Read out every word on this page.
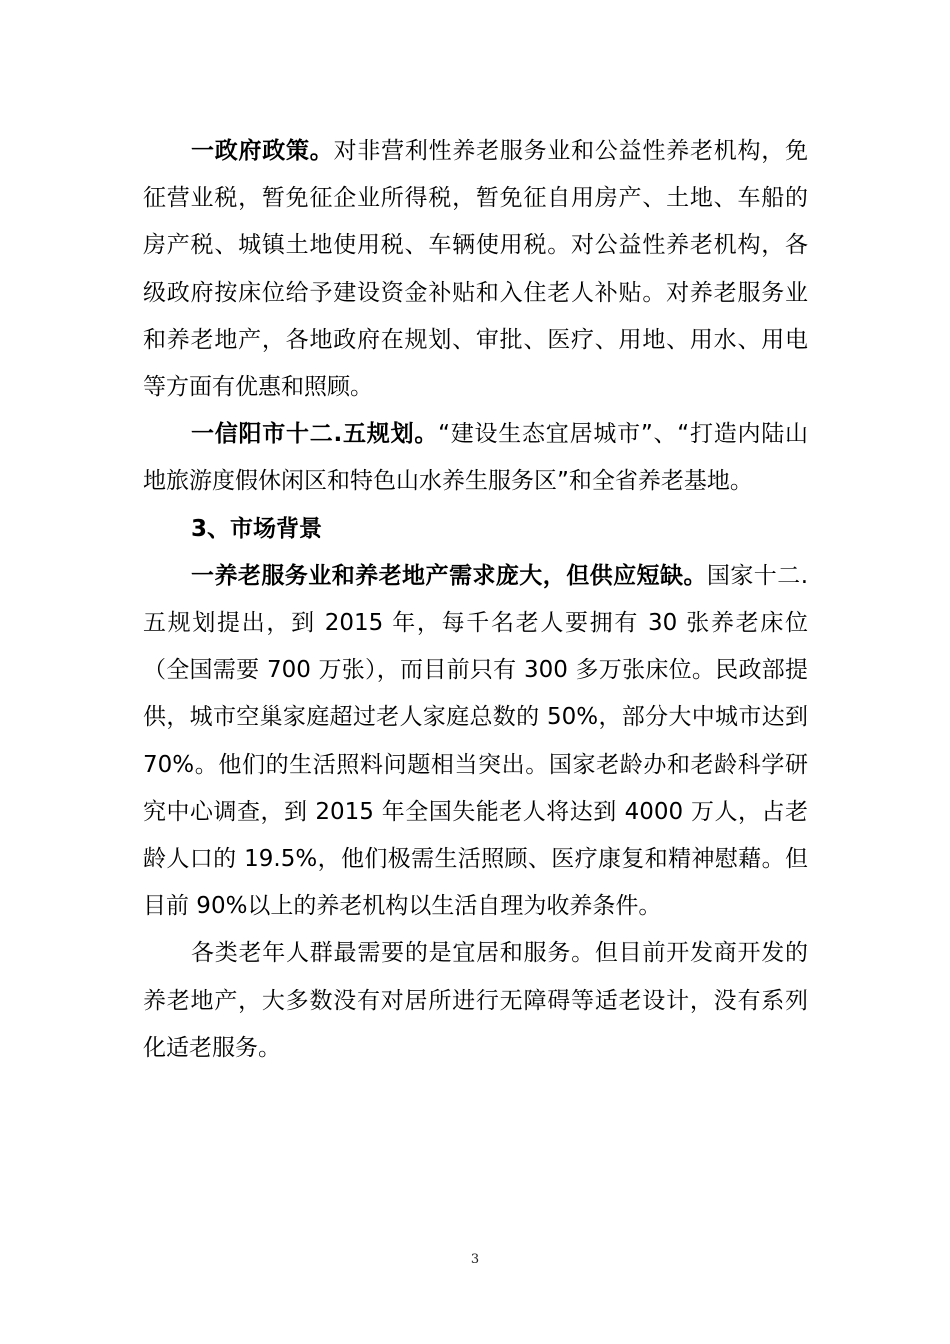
一政府政策。对非营利性养老服务业和公益性养老机构，免征营业税，暂免征企业所得税，暂免征自用房产、土地、车船的房产税、城镇土地使用税、车辆使用税。对公益性养老机构，各级政府按床位给予建设资金补贴和入住老人补贴。对养老服务业和养老地产，各地政府在规划、审批、医疗、用地、用水、用电等方面有优惠和照顾。

一信阳市十二.五规划。“建设生态宜居城市”、“打造内陆山地旅游度假休闲区和特色山水养生服务区”和全省养老基地。

3、市场背景

一养老服务业和养老地产需求庞大，但供应短缺。国家十二.五规划提出，到 2015 年，每千名老人要拥有 30 张养老床位（全国需要 700 万张），而目前只有 300 多万张床位。民政部提供，城市空巢家庭超过老人家庭总数的 50%，部分大中城市达到 70%。他们的生活照料问题相当突出。国家老龄办和老龄科学研究中心调查，到 2015 年全国失能老人将达到 4000 万人，占老龄人口的 19.5%，他们极需生活照顾、医疗康复和精神慰藉。但目前 90%以上的养老机构以生活自理为收养条件。

各类老年人群最需要的是宜居和服务。但目前开发商开发的养老地产，大多数没有对居所进行无障碍等适老设计，没有系列化适老服务。

3
